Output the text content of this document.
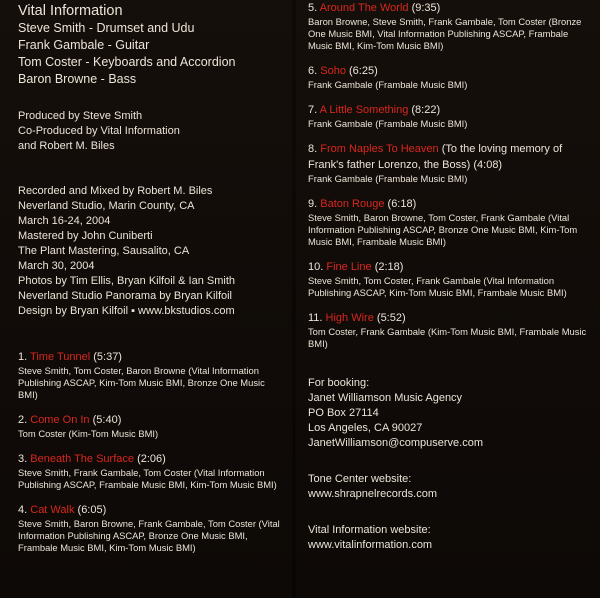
Vital Information
Steve Smith - Drumset and Udu
Frank Gambale - Guitar
Tom Coster - Keyboards and Accordion
Baron Browne - Bass
Produced by Steve Smith
Co-Produced by Vital Information
and Robert M. Biles
Recorded and Mixed by Robert M. Biles
Neverland Studio, Marin County, CA
March 16-24, 2004
Mastered by John Cuniberti
The Plant Mastering, Sausalito, CA
March 30, 2004
Photos by Tim Ellis, Bryan Kilfoil & Ian Smith
Neverland Studio Panorama by Bryan Kilfoil
Design by Bryan Kilfoil ▪ www.bkstudios.com
1. Time Tunnel (5:37)
Steve Smith, Tom Coster, Baron Browne (Vital Information Publishing ASCAP, Kim-Tom Music BMI, Bronze One Music BMI)
2. Come On In (5:40)
Tom Coster (Kim-Tom Music BMI)
3. Beneath The Surface (2:06)
Steve Smith, Frank Gambale, Tom Coster (Vital Information Publishing ASCAP, Frambale Music BMI, Kim-Tom Music BMI)
4. Cat Walk (6:05)
Steve Smith, Baron Browne, Frank Gambale, Tom Coster (Vital Information Publishing ASCAP, Bronze One Music BMI, Frambale Music BMI, Kim-Tom Music BMI)
5. Around The World (9:35)
Baron Browne, Steve Smith, Frank Gambale, Tom Coster (Bronze One Music BMI, Vital Information Publishing ASCAP, Frambale Music BMI, Kim-Tom Music BMI)
6. Soho (6:25)
Frank Gambale (Frambale Music BMI)
7. A Little Something (8:22)
Frank Gambale (Frambale Music BMI)
8. From Naples To Heaven (To the loving memory of Frank's father Lorenzo, the Boss) (4:08)
Frank Gambale (Frambale Music BMI)
9. Baton Rouge (6:18)
Steve Smith, Baron Browne, Tom Coster, Frank Gambale (Vital Information Publishing ASCAP, Bronze One Music BMI, Kim-Tom Music BMI, Frambale Music BMI)
10. Fine Line (2:18)
Steve Smith, Tom Coster, Frank Gambale (Vital Information Publishing ASCAP, Kim-Tom Music BMI, Frambale Music BMI)
11. High Wire (5:52)
Tom Coster, Frank Gambale (Kim-Tom Music BMI, Frambale Music BMI)
For booking:
Janet Williamson Music Agency
PO Box 27114
Los Angeles, CA 90027
JanetWilliamson@compuserve.com
Tone Center website:
www.shrapnelrecords.com
Vital Information website:
www.vitalinformation.com
